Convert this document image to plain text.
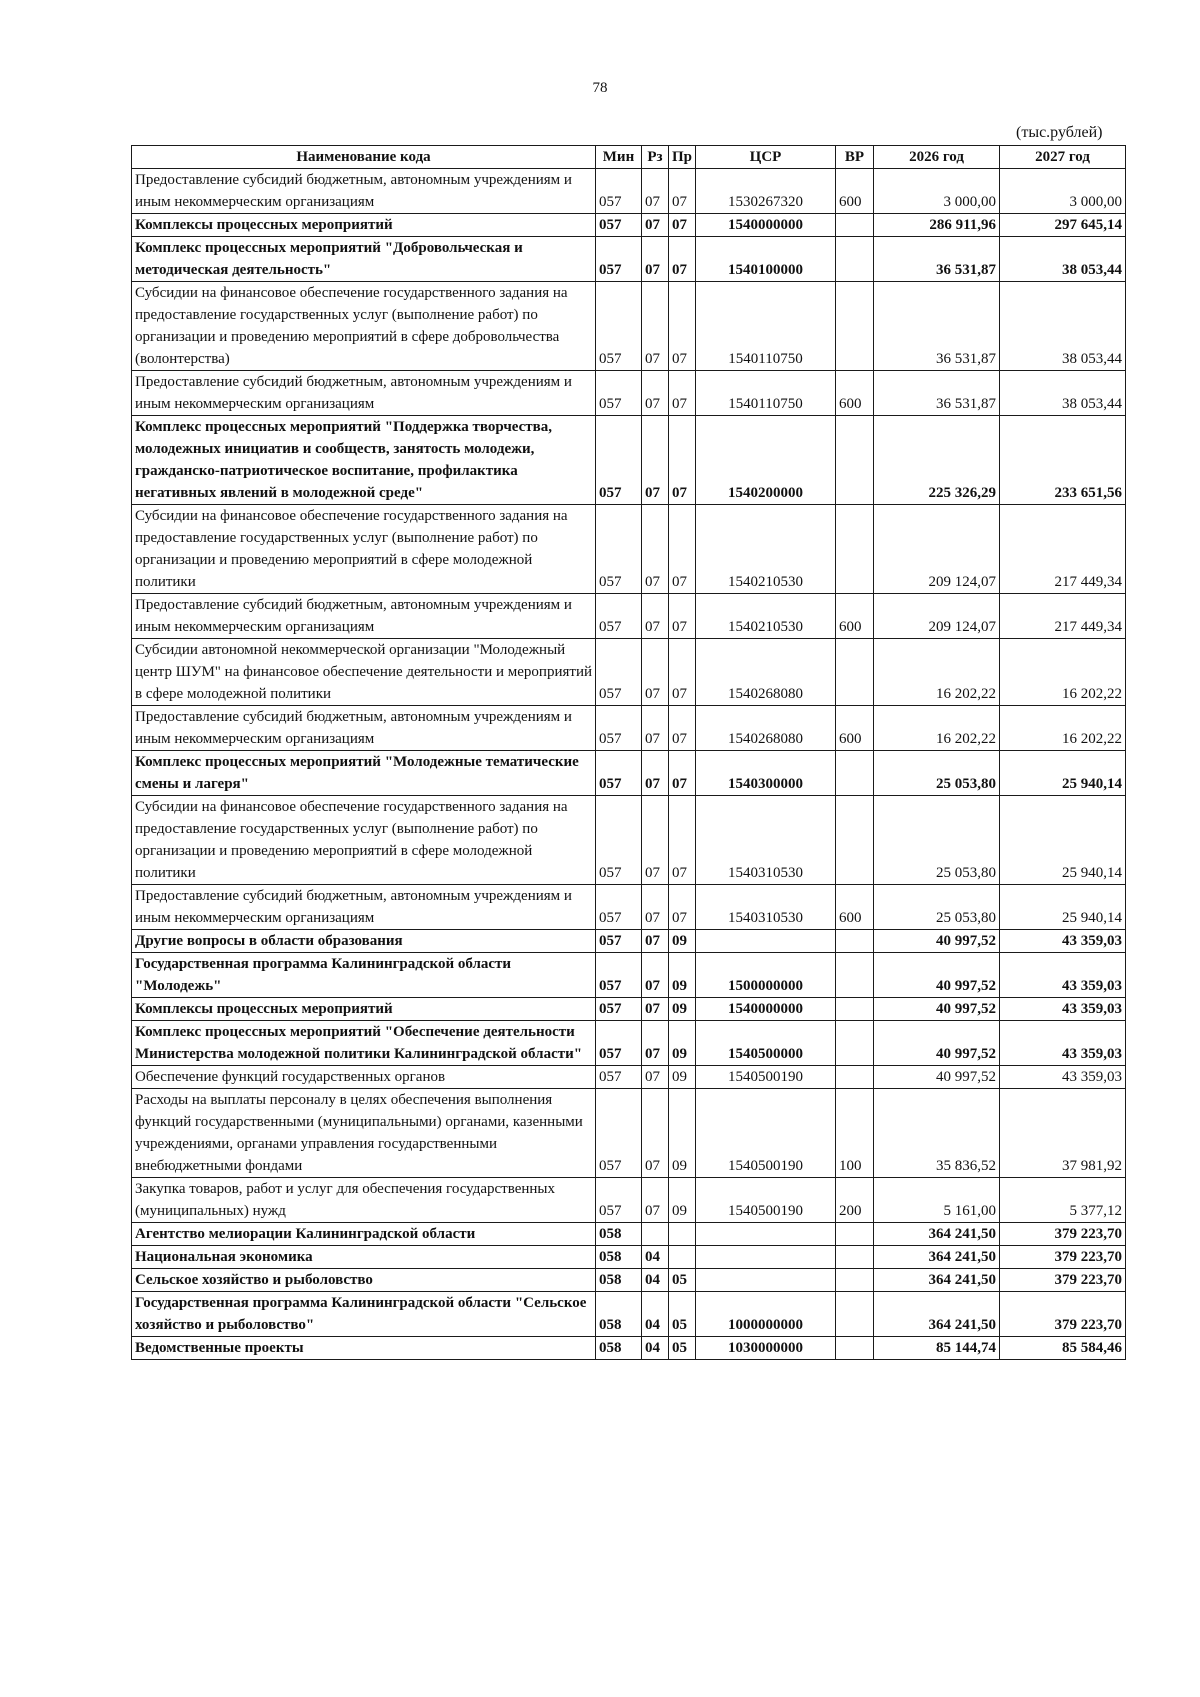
78
(тыс.рублей)
Наименование кода	Мин	Рз	Пр	ЦСР	ВР	2026 год	2027 год
Предоставление субсидий бюджетным, автономным учреждениям и иным некоммерческим организациям	057	07	07	1530267320	600	3 000,00	3 000,00
Комплексы процессных мероприятий	057	07	07	1540000000		286 911,96	297 645,14
Комплекс процессных мероприятий "Добровольческая и методическая деятельность"	057	07	07	1540100000		36 531,87	38 053,44
Субсидии на финансовое обеспечение государственного задания на предоставление государственных услуг (выполнение работ) по организации и проведению мероприятий в сфере добровольчества (волонтерства)	057	07	07	1540110750		36 531,87	38 053,44
Предоставление субсидий бюджетным, автономным учреждениям и иным некоммерческим организациям	057	07	07	1540110750	600	36 531,87	38 053,44
Комплекс процессных мероприятий "Поддержка творчества, молодежных инициатив и сообществ, занятость молодежи, гражданско-патриотическое воспитание, профилактика негативных явлений в молодежной среде"	057	07	07	1540200000		225 326,29	233 651,56
Субсидии на финансовое обеспечение государственного задания на предоставление государственных услуг (выполнение работ) по организации и проведению мероприятий в сфере молодежной политики	057	07	07	1540210530		209 124,07	217 449,34
Предоставление субсидий бюджетным, автономным учреждениям и иным некоммерческим организациям	057	07	07	1540210530	600	209 124,07	217 449,34
Субсидии автономной некоммерческой организации "Молодежный центр ШУМ" на финансовое обеспечение деятельности и мероприятий в сфере молодежной политики	057	07	07	1540268080		16 202,22	16 202,22
Предоставление субсидий бюджетным, автономным учреждениям и иным некоммерческим организациям	057	07	07	1540268080	600	16 202,22	16 202,22
Комплекс процессных мероприятий "Молодежные тематические смены и лагеря"	057	07	07	1540300000		25 053,80	25 940,14
Субсидии на финансовое обеспечение государственного задания на предоставление государственных услуг (выполнение работ) по организации и проведению мероприятий в сфере молодежной политики	057	07	07	1540310530		25 053,80	25 940,14
Предоставление субсидий бюджетным, автономным учреждениям и иным некоммерческим организациям	057	07	07	1540310530	600	25 053,80	25 940,14
Другие вопросы в области образования	057	07	09			40 997,52	43 359,03
Государственная программа Калининградской области "Молодежь"	057	07	09	1500000000		40 997,52	43 359,03
Комплексы процессных мероприятий	057	07	09	1540000000		40 997,52	43 359,03
Комплекс процессных мероприятий "Обеспечение деятельности Министерства молодежной политики Калининградской области"	057	07	09	1540500000		40 997,52	43 359,03
Обеспечение функций государственных органов	057	07	09	1540500190		40 997,52	43 359,03
Расходы на выплаты персоналу в целях обеспечения выполнения функций государственными (муниципальными) органами, казенными учреждениями, органами управления государственными внебюджетными фондами	057	07	09	1540500190	100	35 836,52	37 981,92
Закупка товаров, работ и услуг для обеспечения государственных (муниципальных) нужд	057	07	09	1540500190	200	5 161,00	5 377,12
Агентство мелиорации Калининградской области	058					364 241,50	379 223,70
Национальная экономика	058	04				364 241,50	379 223,70
Сельское хозяйство и рыболовство	058	04	05			364 241,50	379 223,70
Государственная программа Калининградской области "Сельское хозяйство и рыболовство"	058	04	05	1000000000		364 241,50	379 223,70
Ведомственные проекты	058	04	05	1030000000		85 144,74	85 584,46
